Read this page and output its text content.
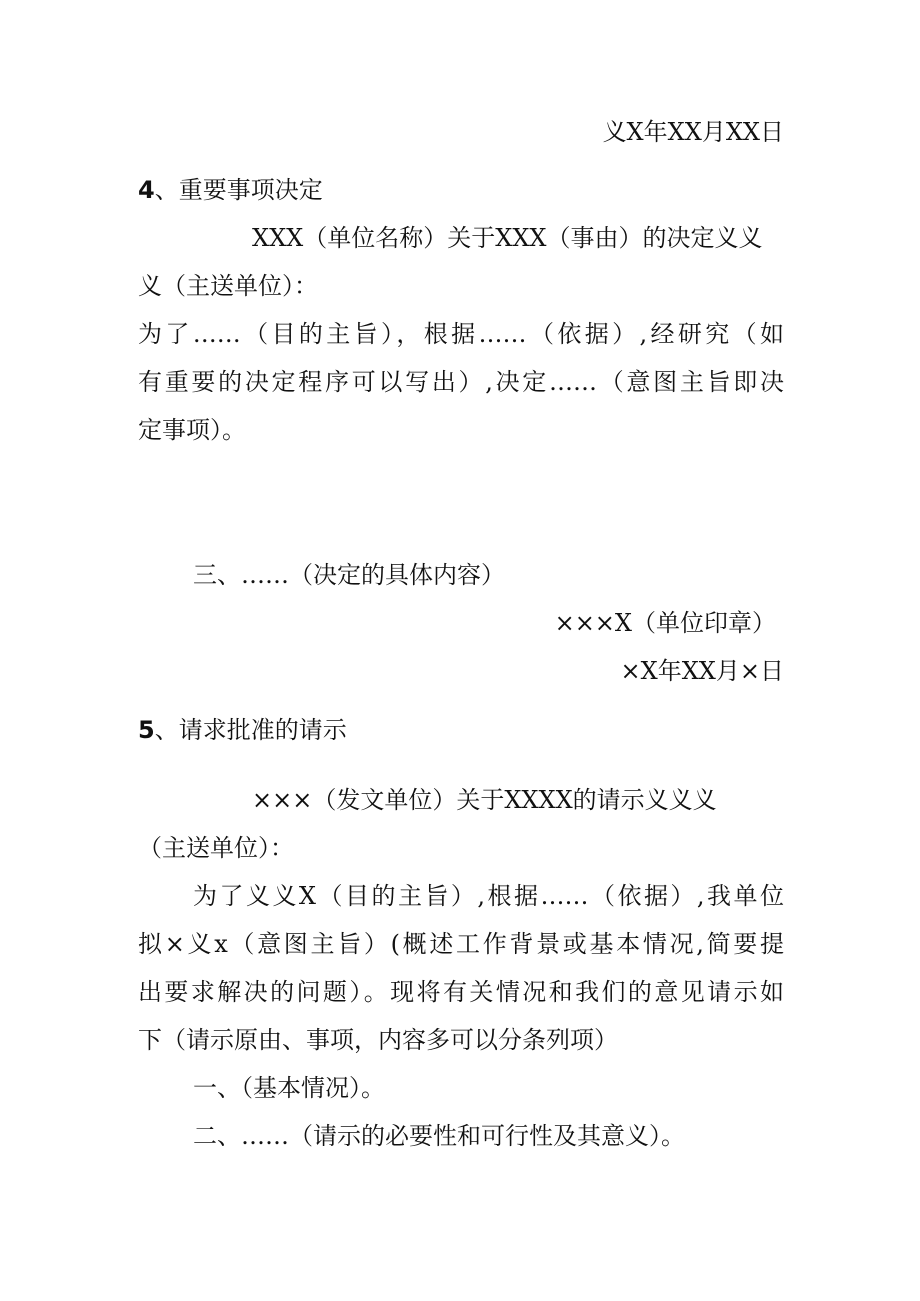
义X年XX月XX日
4、重要事项决定
XXX（单位名称）关于XXX（事由）的决定义义
义（主送单位）：
为了……（目的主旨），根据……（依据）,经研究（如
有重要的决定程序可以写出）,决定……（意图主旨即决
定事项）。
三、……（决定的具体内容）
×××X（单位印章）
×X年XX月×日
5、请求批准的请示
×××（发文单位）关于XXXX的请示义义义
（主送单位）：
为了义义X（目的主旨）,根据……（依据）,我单位
拟×义x（意图主旨）(概述工作背景或基本情况,简要提
出要求解决的问题）。现将有关情况和我们的意见请示如
下（请示原由、事项，内容多可以分条列项）
一、（基本情况）。
二、……（请示的必要性和可行性及其意义）。
